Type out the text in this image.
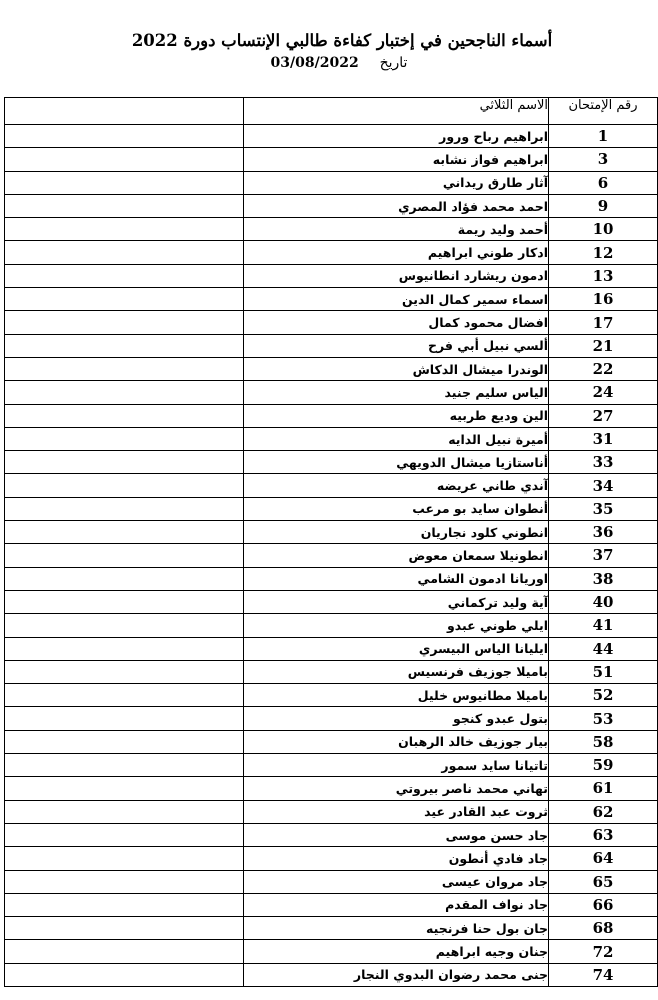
أسماء الناجحين في إختبار كفاءة طالبي الإنتساب دورة 2022
تاريخ 03/08/2022
رقم الإمتحان	الاسم الثلاثي	
1	ابراهيم رباح ورور	
3	ابراهيم فواز نشابه	
6	آثار طارق ريداني	
9	احمد محمد فؤاد المصري	
10	أحمد وليد ريمة	
12	ادكار طوني ابراهيم	
13	ادمون ريشارد انطانيوس	
16	اسماء سمير كمال الدين	
17	افضال محمود كمال	
21	ألسي نبيل أبي فرح	
22	الوندرا ميشال الدكاش	
24	الياس سليم جنيد	
27	الين وديع طربيه	
31	أميرة نبيل الدايه	
33	أناستازيا ميشال الدويهي	
34	آندي طاني عريضه	
35	أنطوان سايد بو مرعب	
36	انطوني كلود نجاريان	
37	انطونيلا سمعان معوض	
38	اوريانا ادمون الشامي	
40	آية وليد تركماني	
41	ايلي طوني عبدو	
44	ايليانا الياس البيسري	
51	باميلا جوزيف فرنسيس	
52	باميلا مطانيوس خليل	
53	بتول عبدو كنجو	
58	بيار جوزيف خالد الرهبان	
59	تاتيانا سايد سمور	
61	تهاني محمد ناصر بيروتي	
62	ثروت عبد القادر عيد	
63	جاد حسن موسى	
64	جاد فادي أنطون	
65	جاد مروان عيسى	
66	جاد نواف المقدم	
68	جان بول حنا فرنجيه	
72	جنان وجيه ابراهيم	
74	جنى محمد رضوان البدوي النجار	
